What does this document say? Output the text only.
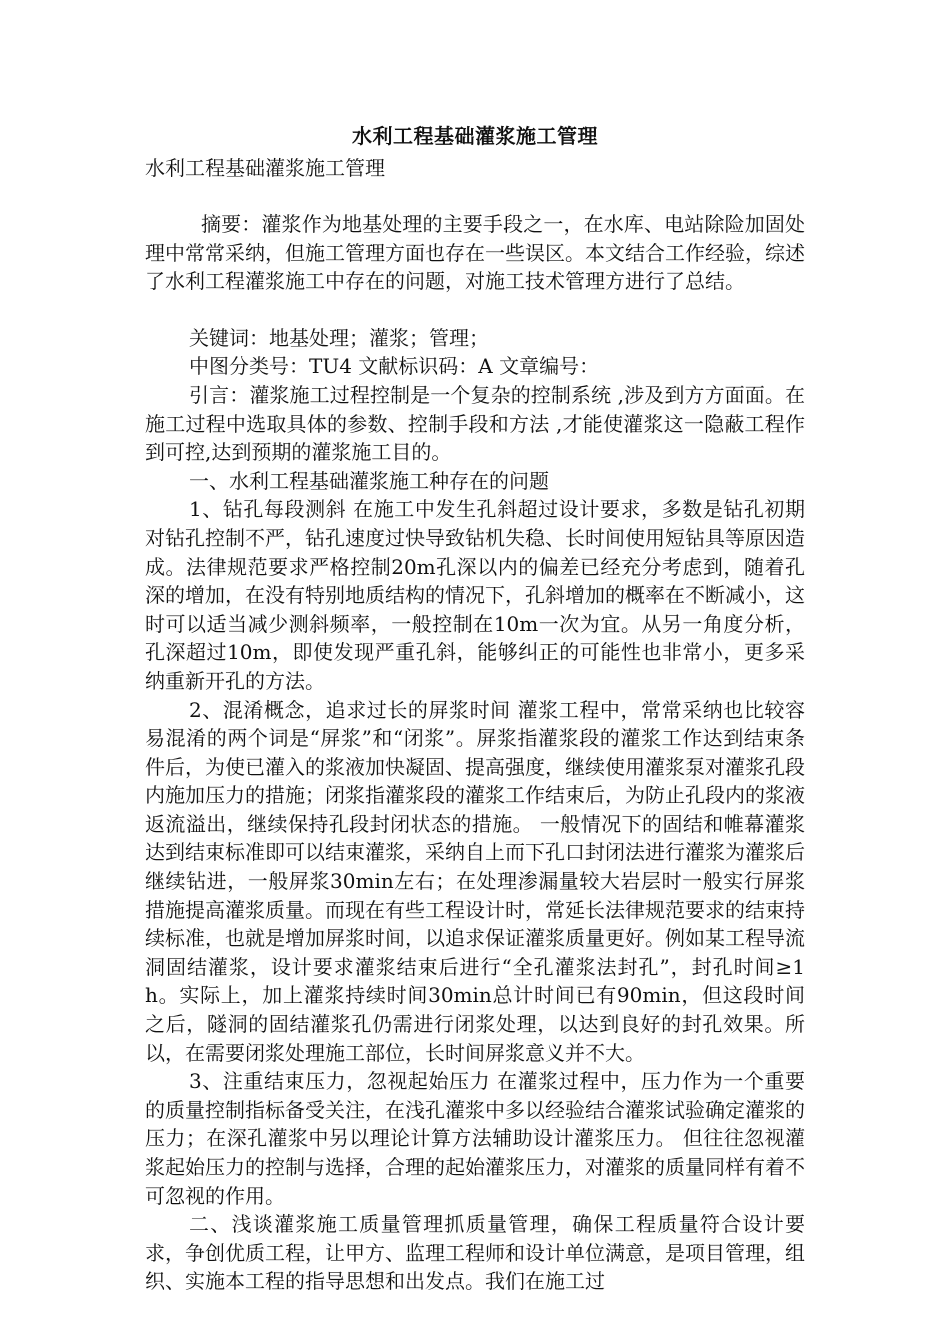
水利工程基础灌浆施工管理
水利工程基础灌浆施工管理

摘要：灌浆作为地基处理的主要手段之一，在水库、电站除险加固处理中常常采纳，但施工管理方面也存在一些误区。本文结合工作经验，综述了水利工程灌浆施工中存在的问题，对施工技术管理方进行了总结。

关键词：地基处理；灌浆；管理；

中图分类号：TU4 文献标识码：A 文章编号：

引言：灌浆施工过程控制是一个复杂的控制系统 ,涉及到方方面面。在施工过程中选取具体的参数、控制手段和方法 ,才能使灌浆这一隐蔽工程作到可控,达到预期的灌浆施工目的。

一、水利工程基础灌浆施工种存在的问题

1、钻孔每段测斜 在施工中发生孔斜超过设计要求，多数是钻孔初期对钻孔控制不严，钻孔速度过快导致钻机失稳、长时间使用短钻具等原因造成。法律规范要求严格控制20m孔深以内的偏差已经充分考虑到，随着孔深的增加，在没有特别地质结构的情况下，孔斜增加的概率在不断减小，这时可以适当减少测斜频率，一般控制在10m一次为宜。从另一角度分析，孔深超过10m，即使发现严重孔斜，能够纠正的可能性也非常小，更多采纳重新开孔的方法。

2、混淆概念，追求过长的屏浆时间 灌浆工程中，常常采纳也比较容易混淆的两个词是“屏浆”和“闭浆”。屏浆指灌浆段的灌浆工作达到结束条件后，为使已灌入的浆液加快凝固、提高强度，继续使用灌浆泵对灌浆孔段内施加压力的措施；闭浆指灌浆段的灌浆工作结束后，为防止孔段内的浆液返流溢出，继续保持孔段封闭状态的措施。 一般情况下的固结和帷幕灌浆达到结束标准即可以结束灌浆，采纳自上而下孔口封闭法进行灌浆为灌浆后继续钻进，一般屏浆30min左右；在处理渗漏量较大岩层时一般实行屏浆措施提高灌浆质量。而现在有些工程设计时，常延长法律规范要求的结束持续标准，也就是增加屏浆时间，以追求保证灌浆质量更好。例如某工程导流洞固结灌浆，设计要求灌浆结束后进行“全孔灌浆法封孔”，封孔时间≥1h。实际上，加上灌浆持续时间30min总计时间已有90min，但这段时间之后，隧洞的固结灌浆孔仍需进行闭浆处理，以达到良好的封孔效果。所以，在需要闭浆处理施工部位，长时间屏浆意义并不大。

3、注重结束压力，忽视起始压力 在灌浆过程中，压力作为一个重要的质量控制指标备受关注，在浅孔灌浆中多以经验结合灌浆试验确定灌浆的压力；在深孔灌浆中另以理论计算方法辅助设计灌浆压力。 但往往忽视灌浆起始压力的控制与选择，合理的起始灌浆压力，对灌浆的质量同样有着不可忽视的作用。

二、浅谈灌浆施工质量管理抓质量管理，确保工程质量符合设计要求，争创优质工程，让甲方、监理工程师和设计单位满意，是项目管理，组织、实施本工程的指导思想和出发点。我们在施工过
